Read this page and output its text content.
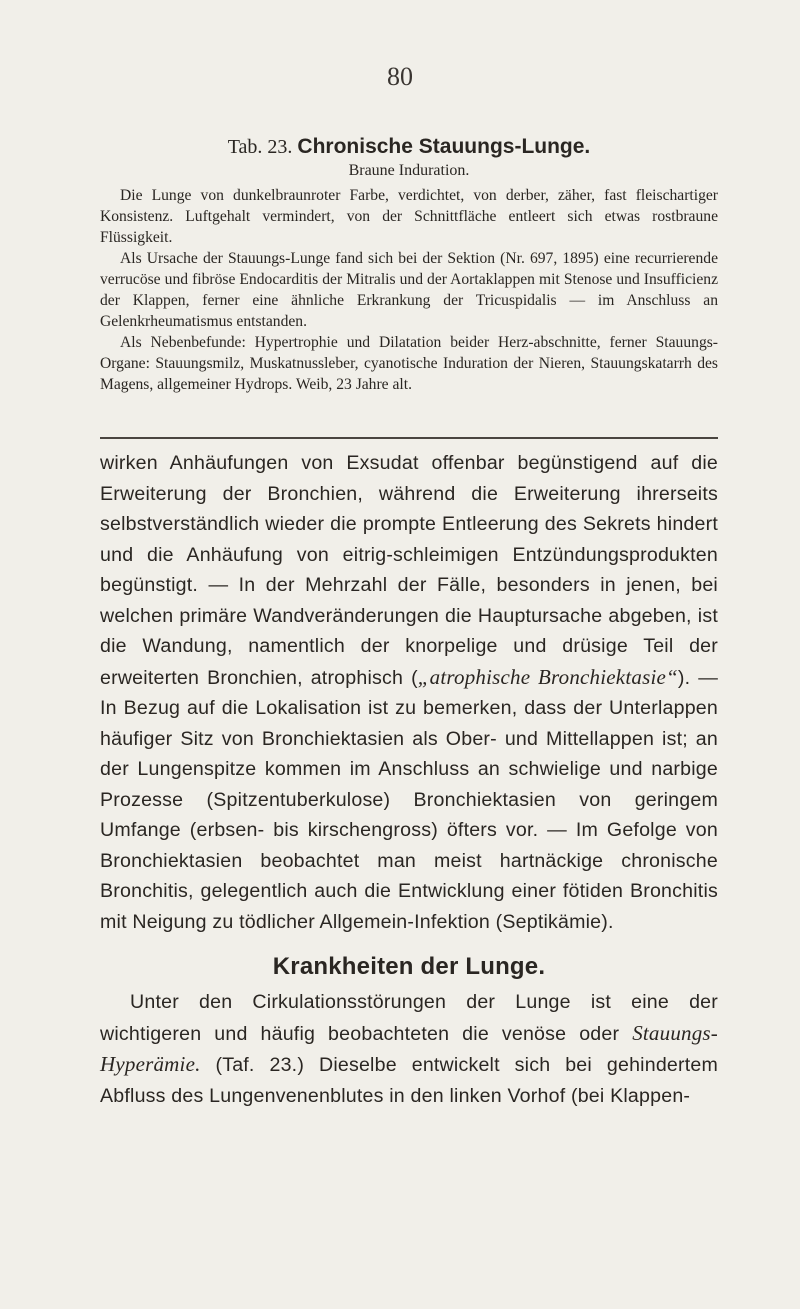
80

Tab. 23. Chronische Stauungs-Lunge.

Braune Induration.

Die Lunge von dunkelbraunroter Farbe, verdichtet, von derber, zäher, fast fleischartiger Konsistenz. Luftgehalt vermindert, von der Schnittfläche entleert sich etwas rostbraune Flüssigkeit.

Als Ursache der Stauungs-Lunge fand sich bei der Sektion (Nr. 697, 1895) eine recurrierende verrucöse und fibröse Endocarditis der Mitralis und der Aortaklappen mit Stenose und Insufficienz der Klappen, ferner eine ähnliche Erkrankung der Tricuspidalis — im Anschluss an Gelenkrheumatismus entstanden.

Als Nebenbefunde: Hypertrophie und Dilatation beider Herz-abschnitte, ferner Stauungs-Organe: Stauungsmilz, Muskatnussleber, cyanotische Induration der Nieren, Stauungskatarrh des Magens, allgemeiner Hydrops. Weib, 23 Jahre alt.

wirken Anhäufungen von Exsudat offenbar begünstigend auf die Erweiterung der Bronchien, während die Erweiterung ihrerseits selbstverständlich wieder die prompte Entleerung des Sekrets hindert und die Anhäufung von eitrig-schleimigen Entzündungsprodukten begünstigt. — In der Mehrzahl der Fälle, besonders in jenen, bei welchen primäre Wandveränderungen die Hauptursache abgeben, ist die Wandung, namentlich der knorpelige und drüsige Teil der erweiterten Bronchien, atrophisch („atrophische Bronchiektasie“). — In Bezug auf die Lokalisation ist zu bemerken, dass der Unterlappen häufiger Sitz von Bronchiektasien als Ober- und Mittellappen ist; an der Lungenspitze kommen im Anschluss an schwielige und narbige Prozesse (Spitzentuberkulose) Bronchiektasien von geringem Umfange (erbsen- bis kirschengross) öfters vor. — Im Gefolge von Bronchiektasien beobachtet man meist hartnäckige chronische Bronchitis, gelegentlich auch die Entwicklung einer fötiden Bronchitis mit Neigung zu tödlicher Allgemein-Infektion (Septikämie).

Krankheiten der Lunge.

Unter den Cirkulationsstörungen der Lunge ist eine der wichtigeren und häufig beobachteten die venöse oder Stauungs-Hyperämie. (Taf. 23.) Dieselbe entwickelt sich bei gehindertem Abfluss des Lungenvenenblutes in den linken Vorhof (bei Klappen-
